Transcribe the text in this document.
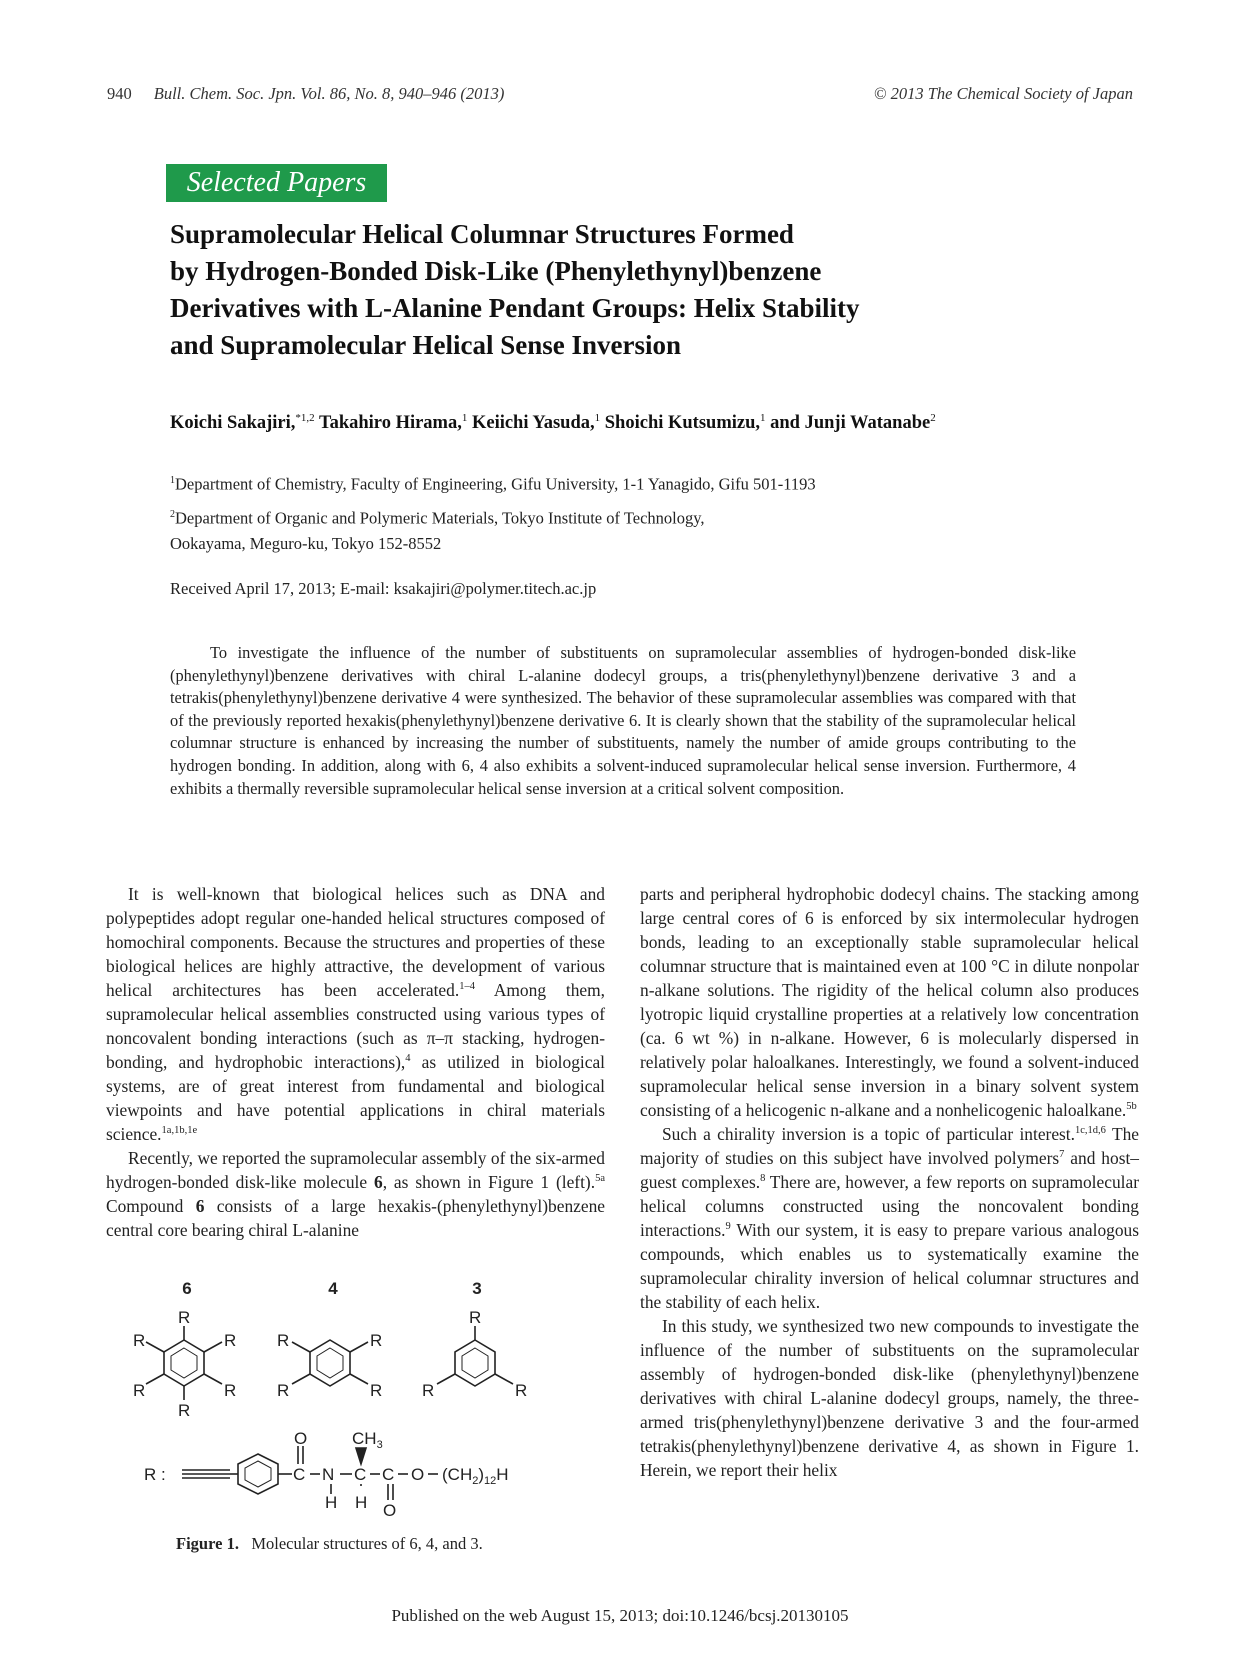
940 Bull. Chem. Soc. Jpn. Vol. 86, No. 8, 940–946 (2013)	© 2013 The Chemical Society of Japan
Selected Papers
Supramolecular Helical Columnar Structures Formed
by Hydrogen-Bonded Disk-Like (Phenylethynyl)benzene
Derivatives with L-Alanine Pendant Groups: Helix Stability
and Supramolecular Helical Sense Inversion
Koichi Sakajiri,$^{*1,2}$ Takahiro Hirama,$^1$ Keiichi Yasuda,$^1$ Shoichi Kutsumizu,$^1$ and Junji Watanabe$^2$
$^1$Department of Chemistry, Faculty of Engineering, Gifu University, 1-1 Yanagido, Gifu 501-1193
$^2$Department of Organic and Polymeric Materials, Tokyo Institute of Technology,
Ookayama, Meguro-ku, Tokyo 152-8552
Received April 17, 2013; E-mail: ksakajiri@polymer.titech.ac.jp
To investigate the influence of the number of substituents on supramolecular assemblies of hydrogen-bonded disk-like (phenylethynyl)benzene derivatives with chiral L-alanine dodecyl groups, a tris(phenylethynyl)benzene derivative 3 and a tetrakis(phenylethynyl)benzene derivative 4 were synthesized. The behavior of these supramolecular assemblies was compared with that of the previously reported hexakis(phenylethynyl)benzene derivative 6. It is clearly shown that the stability of the supramolecular helical columnar structure is enhanced by increasing the number of substituents, namely the number of amide groups contributing to the hydrogen bonding. In addition, along with 6, 4 also exhibits a solvent-induced supramolecular helical sense inversion. Furthermore, 4 exhibits a thermally reversible supramolecular helical sense inversion at a critical solvent composition.

It is well-known that biological helices such as DNA and polypeptides adopt regular one-handed helical structures composed of homochiral components. Because the structures and properties of these biological helices are highly attractive, the development of various helical architectures has been accelerated.$^{1-4}$ Among them, supramolecular helical assemblies constructed using various types of noncovalent bonding interactions (such as π–π stacking, hydrogen-bonding, and hydrophobic interactions),$^4$ as utilized in biological systems, are of great interest from fundamental and biological viewpoints and have potential applications in chiral materials science.$^{1a,1b,1e}$

Recently, we reported the supramolecular assembly of the six-armed hydrogen-bonded disk-like molecule 6, as shown in Figure 1 (left).$^{5a}$ Compound 6 consists of a large hexakis-(phenylethynyl)benzene central core bearing chiral L-alanine

6	4	3
R
R
R
R
R
R
R
R
R
R
R
R
R
R :	C
O
N
H
C
$CH_3$
H
C
O
O $(CH_2)_{12}H$
Figure 1. Molecular structures of 6, 4, and 3.

parts and peripheral hydrophobic dodecyl chains. The stacking among large central cores of 6 is enforced by six intermolecular hydrogen bonds, leading to an exceptionally stable supramolecular helical columnar structure that is maintained even at 100 °C in dilute nonpolar n-alkane solutions. The rigidity of the helical column also produces lyotropic liquid crystalline properties at a relatively low concentration (ca. 6 wt %) in n-alkane. However, 6 is molecularly dispersed in relatively polar haloalkanes. Interestingly, we found a solvent-induced supramolecular helical sense inversion in a binary solvent system consisting of a helicogenic n-alkane and a nonhelicogenic haloalkane.$^{5b}$

Such a chirality inversion is a topic of particular interest.$^{1c,1d,6}$ The majority of studies on this subject have involved polymers$^7$ and host–guest complexes.$^8$ There are, however, a few reports on supramolecular helical columns constructed using the noncovalent bonding interactions.$^9$ With our system, it is easy to prepare various analogous compounds, which enables us to systematically examine the supramolecular chirality inversion of helical columnar structures and the stability of each helix.

In this study, we synthesized two new compounds to investigate the influence of the number of substituents on the supramolecular assembly of hydrogen-bonded disk-like (phenylethynyl)benzene derivatives with chiral L-alanine dodecyl groups, namely, the three-armed tris(phenylethynyl)benzene derivative 3 and the four-armed tetrakis(phenylethynyl)benzene derivative 4, as shown in Figure 1. Herein, we report their helix

Published on the web August 15, 2013; doi:10.1246/bcsj.20130105
